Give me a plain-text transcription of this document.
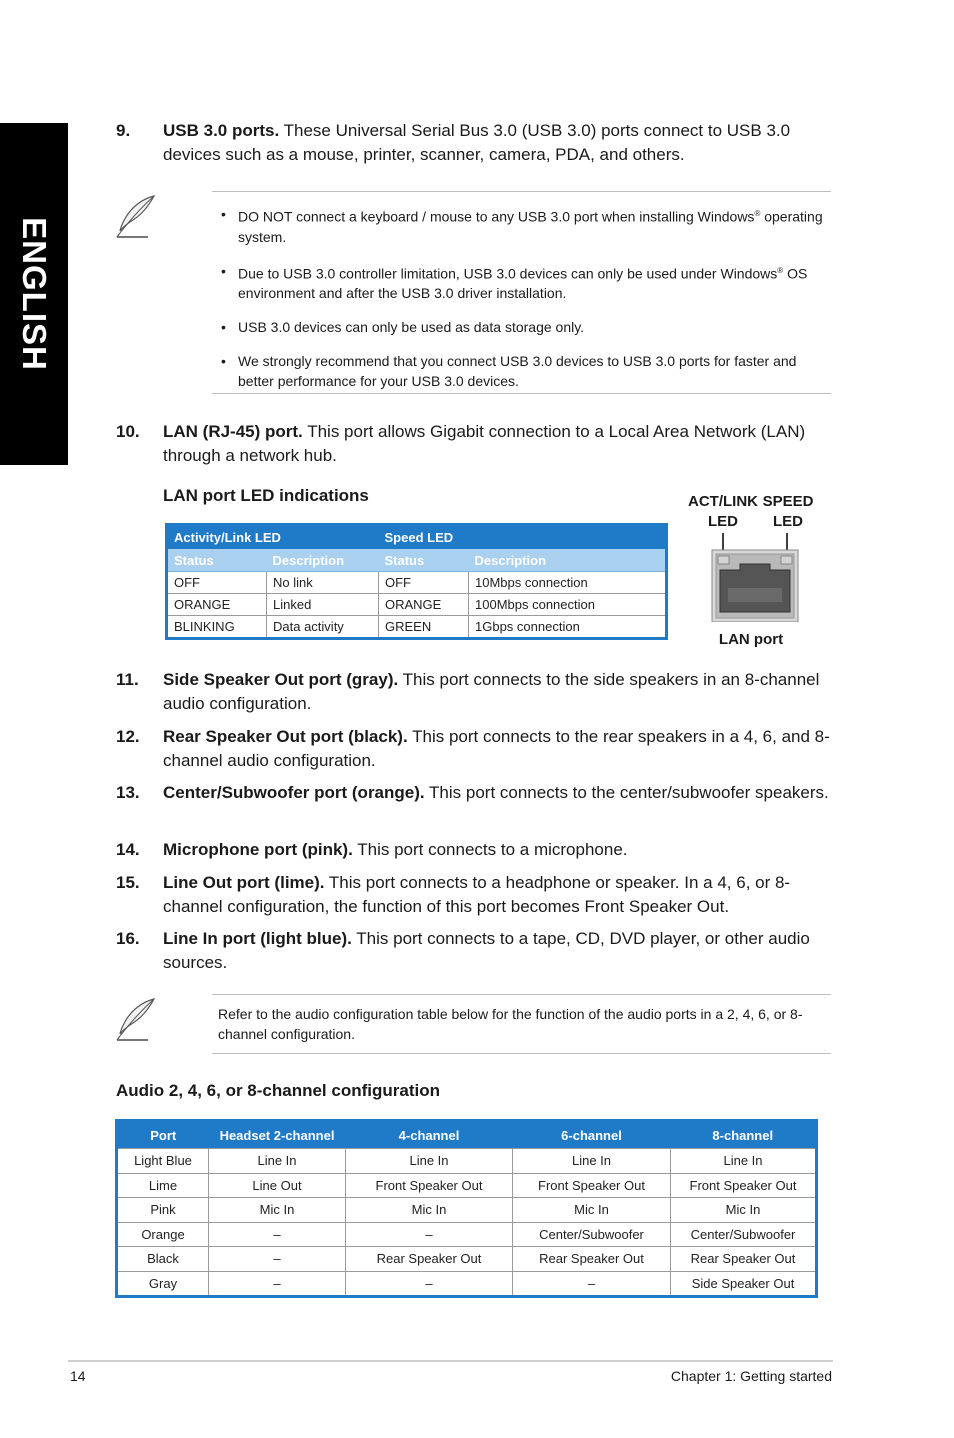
ENGLISH
9. USB 3.0 ports. These Universal Serial Bus 3.0 (USB 3.0) ports connect to USB 3.0 devices such as a mouse, printer, scanner, camera, PDA, and others.
• DO NOT connect a keyboard / mouse to any USB 3.0 port when installing Windows® operating system.
• Due to USB 3.0 controller limitation, USB 3.0 devices can only be used under Windows® OS environment and after the USB 3.0 driver installation.
• USB 3.0 devices can only be used as data storage only.
• We strongly recommend that you connect USB 3.0 devices to USB 3.0 ports for faster and better performance for your USB 3.0 devices.
10. LAN (RJ-45) port. This port allows Gigabit connection to a Local Area Network (LAN) through a network hub.
LAN port LED indications
Activity/Link LED		Speed LED	
Status	Description	Status	Description
OFF	No link	OFF	10Mbps connection
ORANGE	Linked	ORANGE	100Mbps connection
BLINKING	Data activity	GREEN	1Gbps connection
ACT/LINK SPEED
LED	LED
LAN port
11. Side Speaker Out port (gray). This port connects to the side speakers in an 8-channel audio configuration.
12. Rear Speaker Out port (black). This port connects to the rear speakers in a 4, 6, and 8-channel audio configuration.
13. Center/Subwoofer port (orange). This port connects to the center/subwoofer speakers.
14. Microphone port (pink). This port connects to a microphone.
15. Line Out port (lime). This port connects to a headphone or speaker. In a 4, 6, or 8-channel configuration, the function of this port becomes Front Speaker Out.
16. Line In port (light blue). This port connects to a tape, CD, DVD player, or other audio sources.
Refer to the audio configuration table below for the function of the audio ports in a 2, 4, 6, or 8-channel configuration.
Audio 2, 4, 6, or 8-channel configuration
Port	Headset 2-channel	4-channel	6-channel	8-channel
Light Blue	Line In	Line In	Line In	Line In
Lime	Line Out	Front Speaker Out	Front Speaker Out	Front Speaker Out
Pink	Mic In	Mic In	Mic In	Mic In
Orange	–	–	Center/Subwoofer	Center/Subwoofer
Black	–	Rear Speaker Out	Rear Speaker Out	Rear Speaker Out
Gray	–	–	–	Side Speaker Out
14	Chapter 1: Getting started
